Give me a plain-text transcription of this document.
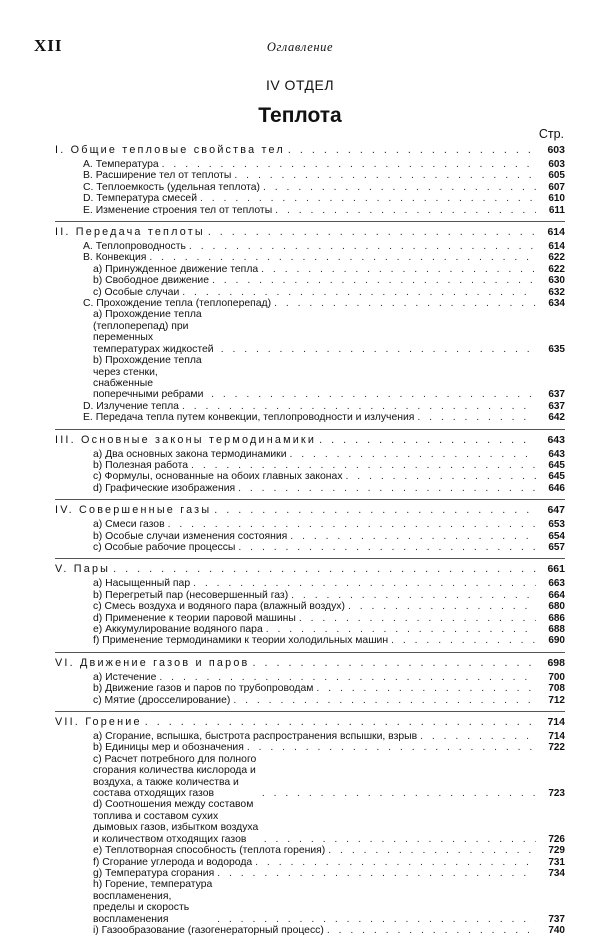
XII	Оглавление
IV ОТДЕЛ
Теплота
Стр.
I. Общие тепловые свойства тел . . .	603
A. Температура . . .	603
B. Расширение тел от теплоты . . .	605
C. Теплоемкость (удельная теплота) . . .	607
D. Температура смесей . . .	610
E. Изменение строения тел от теплоты . . .	611
II. Передача теплоты . . .	614
A. Теплопроводность . . .	614
B. Конвекция . . .	622
a) Принужденное движение тепла . . .	622
b) Свободное движение . . .	630
c) Особые случаи . . .	632
C. Прохождение тепла (теплоперепад) . . .	634
a) Прохождение тепла (теплоперепад) при переменных температурах жидкостей . . .	635
b) Прохождение тепла через стенки, снабженные поперечными ребрами . . .	637
D. Излучение тепла . . .	637
E. Передача тепла путем конвекции, теплопроводности и излучения . . .	642
III. Основные законы термодинамики . . .	643
a) Два основных закона термодинамики . . .	643
b) Полезная работа . . .	645
c) Формулы, основанные на обоих главных законах . . .	645
d) Графические изображения . . .	646
IV. Совершенные газы . . .	647
a) Смеси газов . . .	653
b) Особые случаи изменения состояния . . .	654
c) Особые рабочие процессы . . .	657
V. Пары . . .	661
a) Насыщенный пар . . .	663
b) Перегретый пар (несовершенный газ) . . .	664
c) Смесь воздуха и водяного пара (влажный воздух) . . .	680
d) Применение к теории паровой машины . . .	686
e) Аккумулирование водяного пара . . .	688
f) Применение термодинамики к теории холодильных машин . . .	690
VI. Движение газов и паров . . .	698
a) Истечение . . .	700
b) Движение газов и паров по трубопроводам . . .	708
c) Мятие (дросселирование) . . .	712
VII. Горение . . .	714
a) Сгорание, вспышка, быстрота распространения вспышки, взрыв . . .	714
b) Единицы мер и обозначения . . .	722
c) Расчет потребного для полного сгорания количества кислорода и воздуха, а также количества и состава отходящих газов . . .	723
d) Соотношения между составом топлива и составом сухих дымовых газов, избытком воздуха и количеством отходящих газов . . .	726
e) Теплотворная способность (теплота горения) . . .	729
f) Сгорание углерода и водорода . . .	731
g) Температура сгорания . . .	734
h) Горение, температура воспламенения, пределы и скорость воспламенения . . .	737
i) Газообразование (газогенераторный процесс) . . .	740
